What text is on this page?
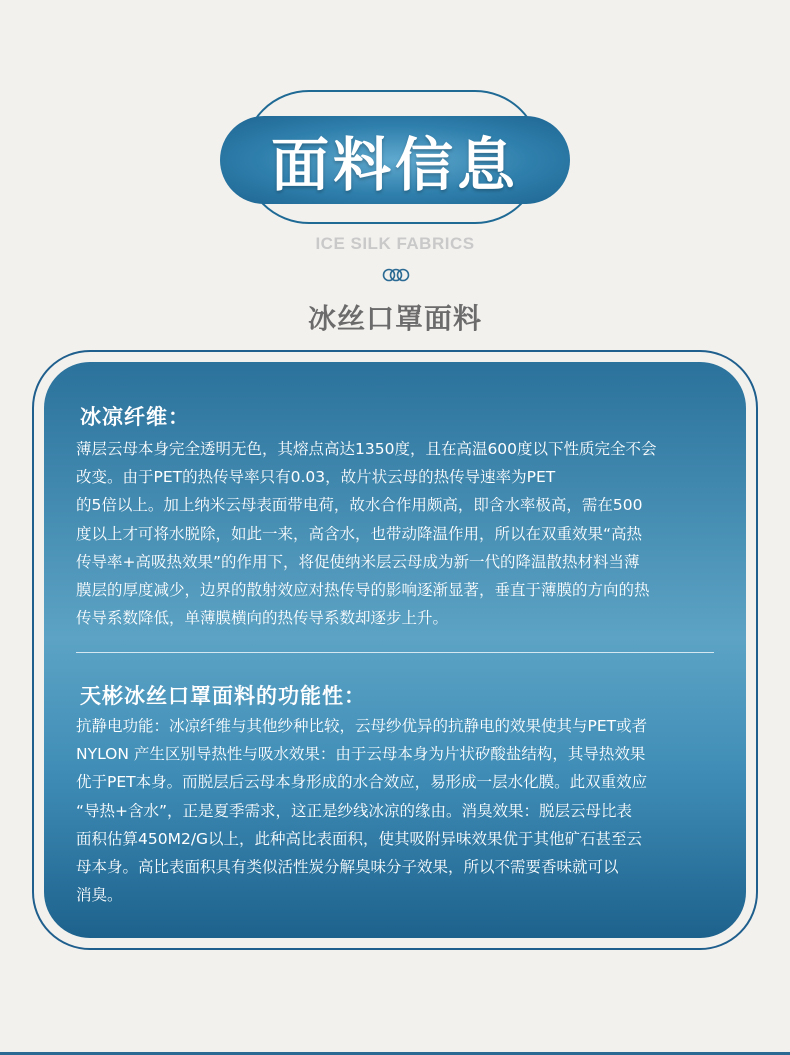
面料信息
ICE SILK FABRICS
冰丝口罩面料
冰凉纤维：

薄层云母本身完全透明无色，其熔点高达1350度，且在高温600度以下性质完全不会

改变。由于PET的热传导率只有0.03，故片状云母的热传导速率为PET

的5倍以上。加上纳米云母表面带电荷，故水合作用颇高，即含水率极高，需在500

度以上才可将水脱除，如此一来，高含水，也带动降温作用，所以在双重效果“高热

传导率+高吸热效果”的作用下，将促使纳米层云母成为新一代的降温散热材料当薄

膜层的厚度减少，边界的散射效应对热传导的影响逐渐显著，垂直于薄膜的方向的热

传导系数降低，单薄膜横向的热传导系数却逐步上升。

天彬冰丝口罩面料的功能性：

抗静电功能：冰凉纤维与其他纱种比较，云母纱优异的抗静电的效果使其与PET或者

NYLON 产生区别导热性与吸水效果：由于云母本身为片状矽酸盐结构，其导热效果

优于PET本身。而脱层后云母本身形成的水合效应，易形成一层水化膜。此双重效应

“导热+含水”，正是夏季需求，这正是纱线冰凉的缘由。消臭效果：脱层云母比表

面积估算450M2/G以上，此种高比表面积，使其吸附异味效果优于其他矿石甚至云

母本身。高比表面积具有类似活性炭分解臭味分子效果，所以不需要香味就可以

消臭。
